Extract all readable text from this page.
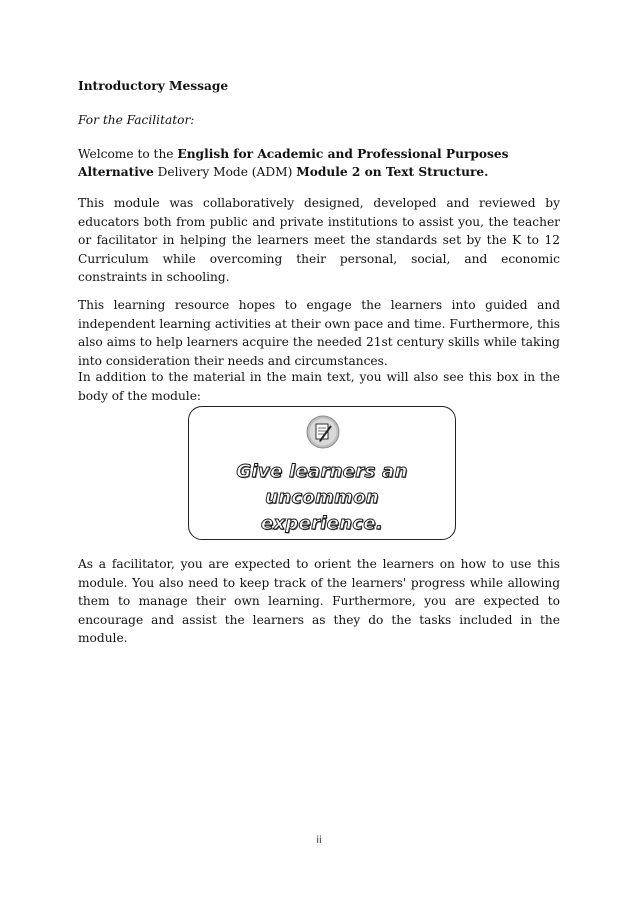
Introductory Message
For the Facilitator:

Welcome to the English for Academic and Professional Purposes Alternative Delivery Mode (ADM) Module 2 on Text Structure.

This module was collaboratively designed, developed and reviewed by educators both from public and private institutions to assist you, the teacher or facilitator in helping the learners meet the standards set by the K to 12 Curriculum while overcoming their personal, social, and economic constraints in schooling.

This learning resource hopes to engage the learners into guided and independent learning activities at their own pace and time. Furthermore, this also aims to help learners acquire the needed 21st century skills while taking into consideration their needs and circumstances.

In addition to the material in the main text, you will also see this box in the body of the module:

As a facilitator, you are expected to orient the learners on how to use this module. You also need to keep track of the learners' progress while allowing them to manage their own learning. Furthermore, you are expected to encourage and assist the learners as they do the tasks included in the module.

Give learners an uncommon
experience.
ii
